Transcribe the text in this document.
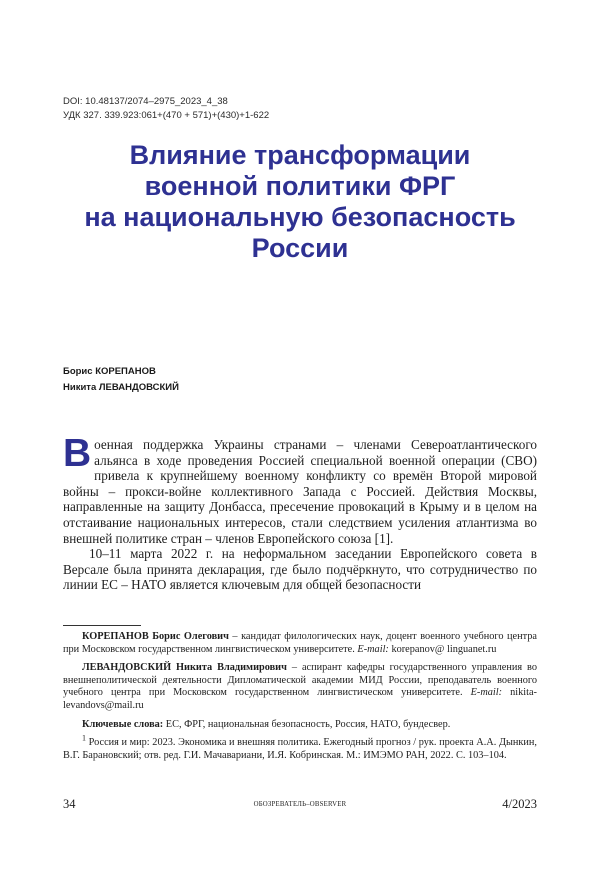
DOI: 10.48137/2074–2975_2023_4_38
УДК 327. 339.923:061+(470 + 571)+(430)+1-622
Влияние трансформации
военной политики ФРГ
на национальную безопасность
России
Борис КОРЕПАНОВ
Никита ЛЕВАНДОВСКИЙ

Военная поддержка Украины странами – членами Североатлантического альянса в ходе проведения Россией специальной военной операции (СВО) привела к крупнейшему военному конфликту со времён Второй мировой войны – прокси-войне коллективного Запада с Россией. Действия Москвы, направленные на защиту Донбасса, пресечение провокаций в Крыму и в целом на отстаивание национальных интересов, стали следствием усиления атлантизма во внешней политике стран – членов Европейского союза [1].

10–11 марта 2022 г. на неформальном заседании Европейского совета в Версале была принята декларация, где было подчёркнуто, что сотрудничество по линии ЕС – НАТО является ключевым для общей безопасности

КОРЕПАНОВ Борис Олегович – кандидат филологических наук, доцент военного учебного центра при Московском государственном лингвистическом университете. E-mail: korepanov@ linguanet.ru

ЛЕВАНДОВСКИЙ Никита Владимирович – аспирант кафедры государственного управления во внешнеполитической деятельности Дипломатической академии МИД России, преподаватель военного учебного центра при Московском государственном лингвистическом университете. E-mail: nikita-levandovs@mail.ru

Ключевые слова: ЕС, ФРГ, национальная безопасность, Россия, НАТО, бундесвер.

$^1$ Россия и мир: 2023. Экономика и внешняя политика. Ежегодный прогноз / рук. проекта А.А. Дынкин, В.Г. Барановский; отв. ред. Г.И. Мачавариани, И.Я. Кобринская. М.: ИМЭМО РАН, 2022. С. 103–104.

34	ОБОЗРЕВАТЕЛЬ–OBSERVER	4/2023
